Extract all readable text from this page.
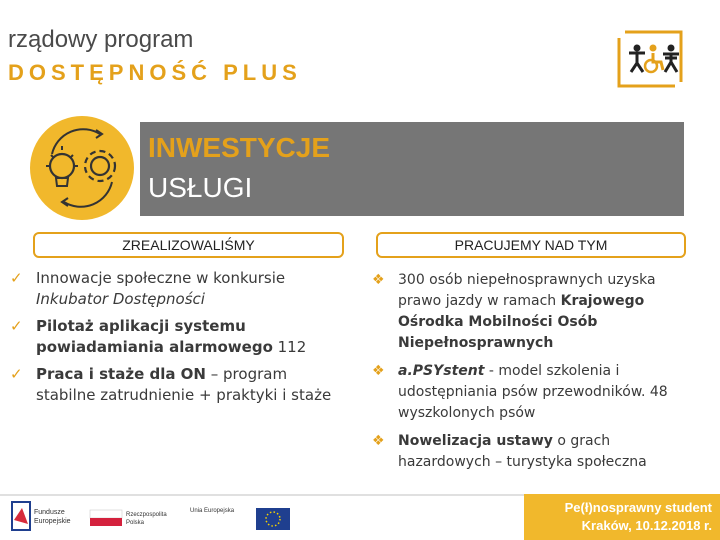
rządowy program
DOSTĘPNOŚĆ PLUS
INWESTYCJE
USŁUGI
ZREALIZOWALIŚMY	PRACUJEMY NAD TYM
✓ Innowacje społeczne w konkursie Inkubator Dostępności
✓ Pilotaż aplikacji systemu powiadamiania alarmowego 112
✓ Praca i staże dla ON – program stabilne zatrudnienie + praktyki i staże
❖ 300 osób niepełnosprawnych uzyska prawo jazdy w ramach Krajowego Ośrodka Mobilności Osób Niepełnosprawnych
❖ a.PSYstent - model szkolenia i udostępniania psów przewodników. 48 wyszkolonych psów
❖ Nowelizacja ustawy o grach hazardowych – turystyka społeczna
Fundusze
Europejskie
Rzeczpospolita
Polska
Unia Europejska	Pe(ł)nosprawny student
Kraków, 10.12.2018 r.
